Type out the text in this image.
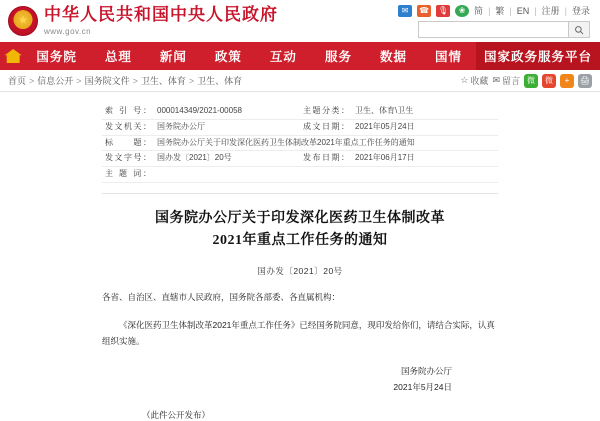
★
中华人民共和国中央人民政府
www.gov.cn
✉	☎ 🎙	❀ 简 | 繁 | EN | 注册 | 登录
国务院	总理	新闻	政策	互动	服务	数据	国情	国家政务服务平台
首页 > 信息公开 > 国务院文件 > 卫生、体育 > 卫生、体育	☆ 收藏 ✉ 留言 微	微	+	🖨
索 引 号：	000014349/2021-00058	主题分类：	卫生、体育\卫生
发文机关：	国务院办公厅	成文日期：	2021年05月24日
标　　题：	国务院办公厅关于印发深化医药卫生体制改革2021年重点工作任务的通知		
发文字号：	国办发〔2021〕20号	发布日期：	2021年06月17日
主 题 词：			
国务院办公厅关于印发深化医药卫生体制改革
2021年重点工作任务的通知
国办发〔2021〕20号
各省、自治区、直辖市人民政府，国务院各部委、各直属机构：
《深化医药卫生体制改革2021年重点工作任务》已经国务院同意，现印发给你们，请结合实际，认真组织实施。
国务院办公厅
2021年5月24日
（此件公开发布）
